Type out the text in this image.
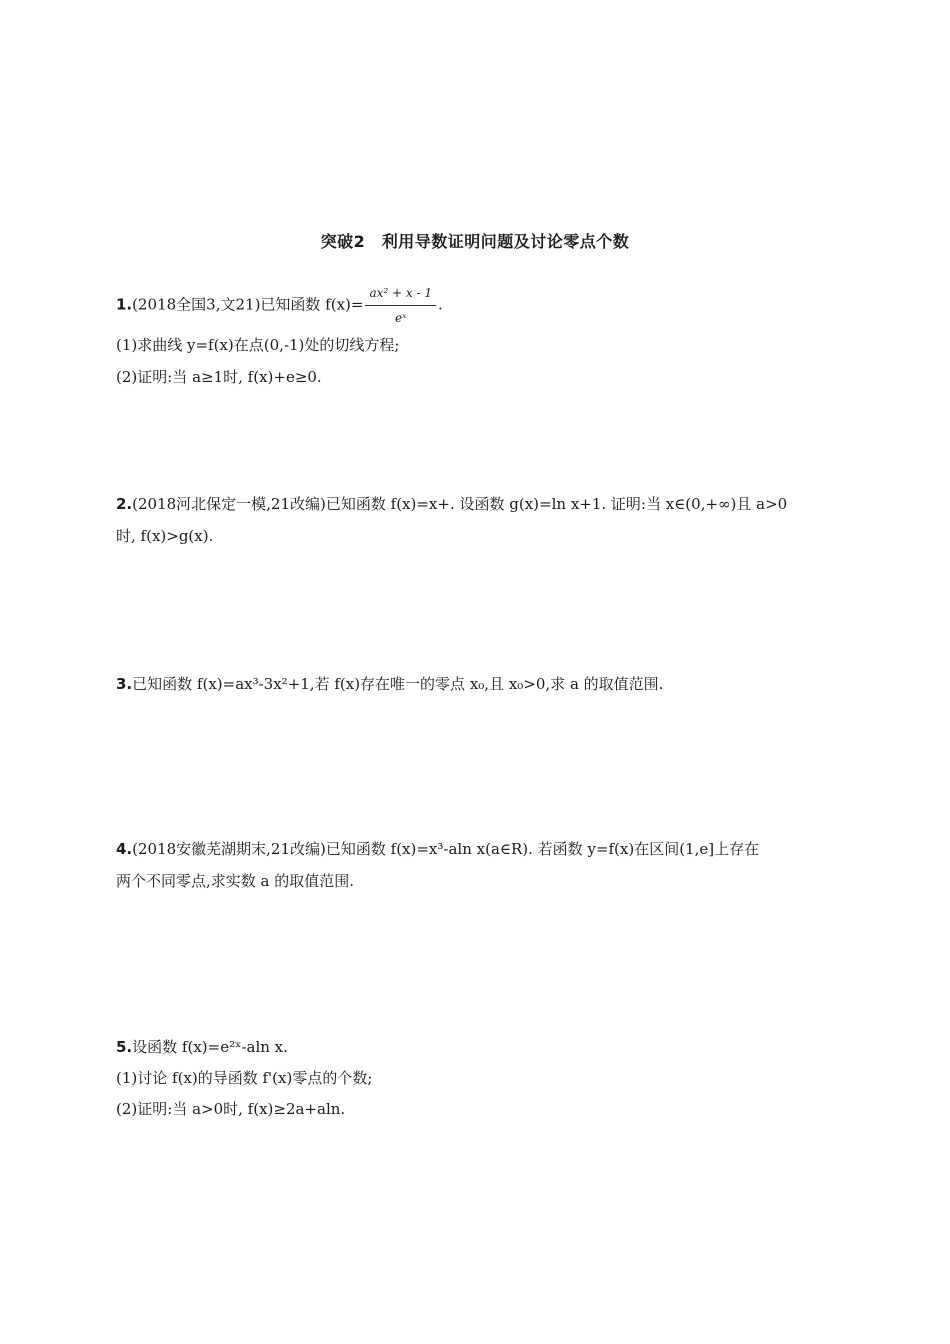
突破2　利用导数证明问题及讨论零点个数
1.(2018全国3,文21)已知函数 $f(x)= \frac{\text{ax² + x - 1}}{\text{eˣ}}$ .
(1)求曲线 y=f(x)在点(0,-1)处的切线方程;
(2)证明:当 a≥1时, f(x)+e≥0.
2.(2018河北保定一模,21改编)已知函数 f(x)=x+. 设函数 g(x)=ln x+1. 证明:当 x∈(0,+∞)且 a>0
时, f(x)>g(x).
3.已知函数 f(x)=ax³-3x²+1,若 f(x)存在唯一的零点 x₀,且 x₀>0,求 a 的取值范围.
4.(2018安徽芜湖期末,21改编)已知函数 f(x)=x³-aln x(a∈R). 若函数 y=f(x)在区间(1,e]上存在
两个不同零点,求实数 a 的取值范围.
5.设函数 f(x)=e²ˣ-aln x.
(1)讨论 f(x)的导函数 f'(x)零点的个数;
(2)证明:当 a>0时, f(x)≥2a+aln.
